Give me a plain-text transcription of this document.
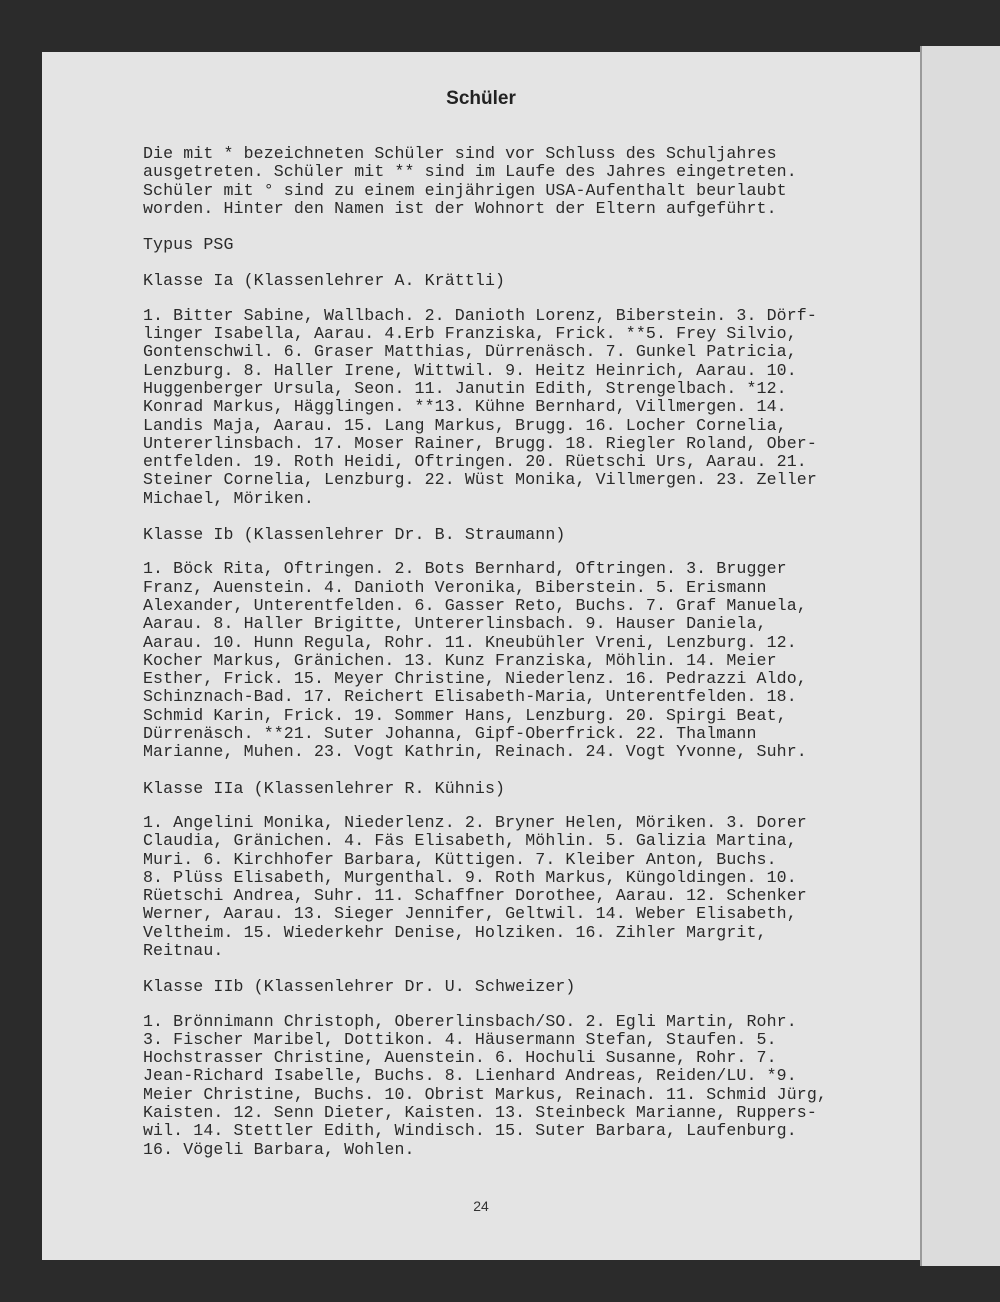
Schüler
Die mit * bezeichneten Schüler sind vor Schluss des Schuljahres
ausgetreten. Schüler mit ** sind im Laufe des Jahres eingetreten.
Schüler mit ° sind zu einem einjährigen USA-Aufenthalt beurlaubt
worden. Hinter den Namen ist der Wohnort der Eltern aufgeführt.
Typus PSG
Klasse Ia (Klassenlehrer A. Krättli)
1. Bitter Sabine, Wallbach. 2. Danioth Lorenz, Biberstein. 3. Dörf-
linger Isabella, Aarau. 4.Erb Franziska, Frick. **5. Frey Silvio,
Gontenschwil. 6. Graser Matthias, Dürrenäsch. 7. Gunkel Patricia,
Lenzburg. 8. Haller Irene, Wittwil. 9. Heitz Heinrich, Aarau. 10.
Huggenberger Ursula, Seon. 11. Janutin Edith, Strengelbach. *12.
Konrad Markus, Hägglingen. **13. Kühne Bernhard, Villmergen. 14.
Landis Maja, Aarau. 15. Lang Markus, Brugg. 16. Locher Cornelia,
Untererlinsbach. 17. Moser Rainer, Brugg. 18. Riegler Roland, Ober-
entfelden. 19. Roth Heidi, Oftringen. 20. Rüetschi Urs, Aarau. 21.
Steiner Cornelia, Lenzburg. 22. Wüst Monika, Villmergen. 23. Zeller
Michael, Möriken.
Klasse Ib (Klassenlehrer Dr. B. Straumann)
1. Böck Rita, Oftringen. 2. Bots Bernhard, Oftringen. 3. Brugger
Franz, Auenstein. 4. Danioth Veronika, Biberstein. 5. Erismann
Alexander, Unterentfelden. 6. Gasser Reto, Buchs. 7. Graf Manuela,
Aarau. 8. Haller Brigitte, Untererlinsbach. 9. Hauser Daniela,
Aarau. 10. Hunn Regula, Rohr. 11. Kneubühler Vreni, Lenzburg. 12.
Kocher Markus, Gränichen. 13. Kunz Franziska, Möhlin. 14. Meier
Esther, Frick. 15. Meyer Christine, Niederlenz. 16. Pedrazzi Aldo,
Schinznach-Bad. 17. Reichert Elisabeth-Maria, Unterentfelden. 18.
Schmid Karin, Frick. 19. Sommer Hans, Lenzburg. 20. Spirgi Beat,
Dürrenäsch. **21. Suter Johanna, Gipf-Oberfrick. 22. Thalmann
Marianne, Muhen. 23. Vogt Kathrin, Reinach. 24. Vogt Yvonne, Suhr.
Klasse IIa (Klassenlehrer R. Kühnis)
1. Angelini Monika, Niederlenz. 2. Bryner Helen, Möriken. 3. Dorer
Claudia, Gränichen. 4. Fäs Elisabeth, Möhlin. 5. Galizia Martina,
Muri. 6. Kirchhofer Barbara, Küttigen. 7. Kleiber Anton, Buchs.
8. Plüss Elisabeth, Murgenthal. 9. Roth Markus, Küngoldingen. 10.
Rüetschi Andrea, Suhr. 11. Schaffner Dorothee, Aarau. 12. Schenker
Werner, Aarau. 13. Sieger Jennifer, Geltwil. 14. Weber Elisabeth,
Veltheim. 15. Wiederkehr Denise, Holziken. 16. Zihler Margrit,
Reitnau.
Klasse IIb (Klassenlehrer Dr. U. Schweizer)
1. Brönnimann Christoph, Obererlinsbach/SO. 2. Egli Martin, Rohr.
3. Fischer Maribel, Dottikon. 4. Häusermann Stefan, Staufen. 5.
Hochstrasser Christine, Auenstein. 6. Hochuli Susanne, Rohr. 7.
Jean-Richard Isabelle, Buchs. 8. Lienhard Andreas, Reiden/LU. *9.
Meier Christine, Buchs. 10. Obrist Markus, Reinach. 11. Schmid Jürg,
Kaisten. 12. Senn Dieter, Kaisten. 13. Steinbeck Marianne, Ruppers-
wil. 14. Stettler Edith, Windisch. 15. Suter Barbara, Laufenburg.
16. Vögeli Barbara, Wohlen.
24
